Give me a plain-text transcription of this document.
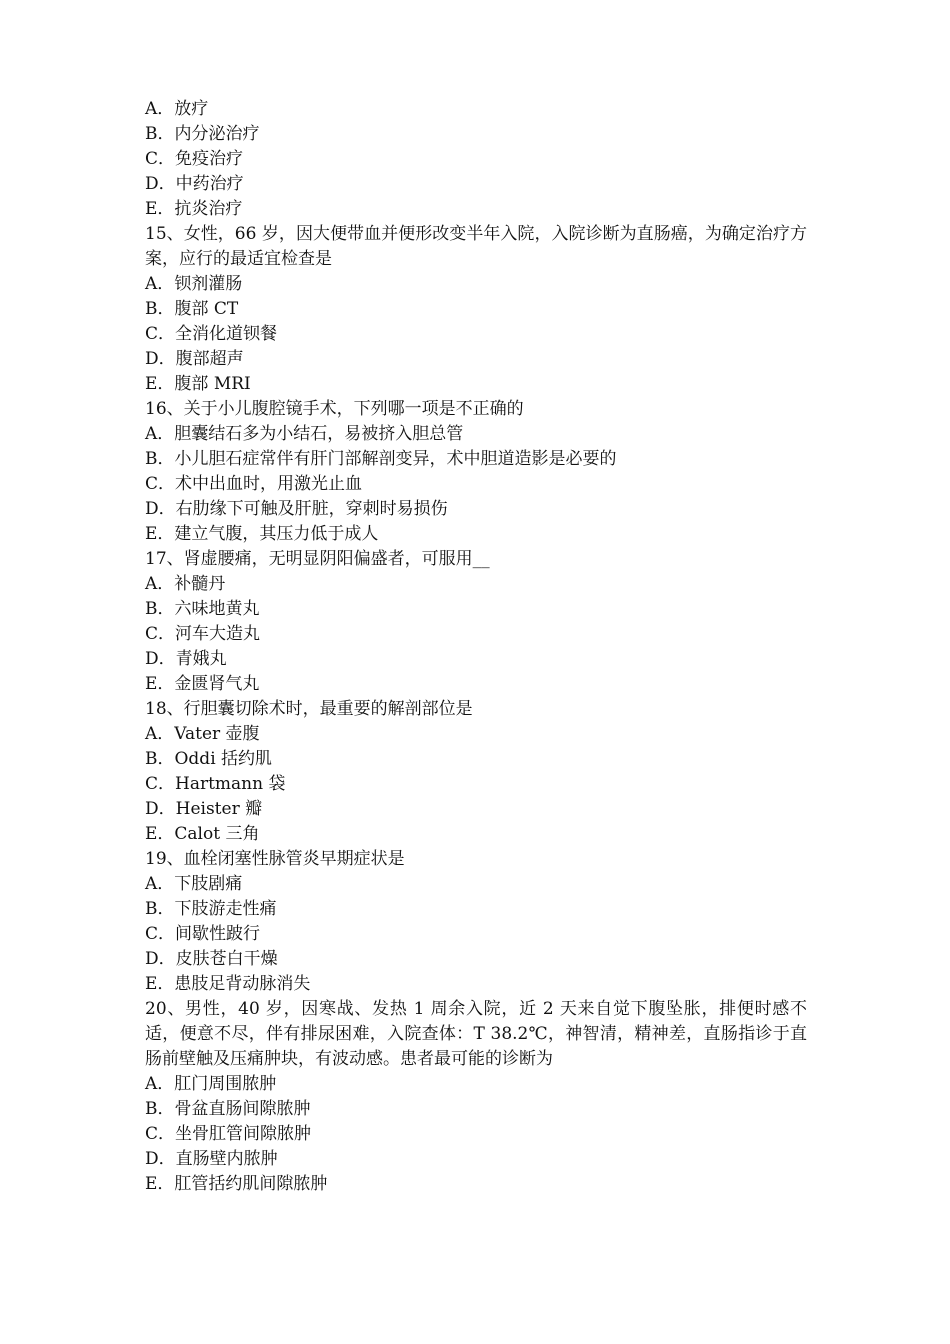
A．放疗

B．内分泌治疗

C．免疫治疗

D．中药治疗

E．抗炎治疗

15、女性，66 岁，因大便带血并便形改变半年入院，入院诊断为直肠癌，为确定治疗方案，应行的最适宜检查是

A．钡剂灌肠

B．腹部 CT

C．全消化道钡餐

D．腹部超声

E．腹部 MRI

16、关于小儿腹腔镜手术，下列哪一项是不正确的

A．胆囊结石多为小结石，易被挤入胆总管

B．小儿胆石症常伴有肝门部解剖变异，术中胆道造影是必要的

C．术中出血时，用激光止血

D．右肋缘下可触及肝脏，穿刺时易损伤

E．建立气腹，其压力低于成人

17、肾虚腰痛，无明显阴阳偏盛者，可服用__

A．补髓丹

B．六味地黄丸

C．河车大造丸

D．青娥丸

E．金匮肾气丸

18、行胆囊切除术时，最重要的解剖部位是

A．Vater 壶腹

B．Oddi 括约肌

C．Hartmann 袋

D．Heister 瓣

E．Calot 三角

19、血栓闭塞性脉管炎早期症状是

A．下肢剧痛

B．下肢游走性痛

C．间歇性跛行

D．皮肤苍白干燥

E．患肢足背动脉消失

20、男性，40 岁，因寒战、发热 1 周余入院，近 2 天来自觉下腹坠胀，排便时感不适，便意不尽，伴有排尿困难，入院查体：T 38.2℃，神智清，精神差，直肠指诊于直肠前壁触及压痛肿块，有波动感。患者最可能的诊断为

A．肛门周围脓肿

B．骨盆直肠间隙脓肿

C．坐骨肛管间隙脓肿

D．直肠壁内脓肿

E．肛管括约肌间隙脓肿
